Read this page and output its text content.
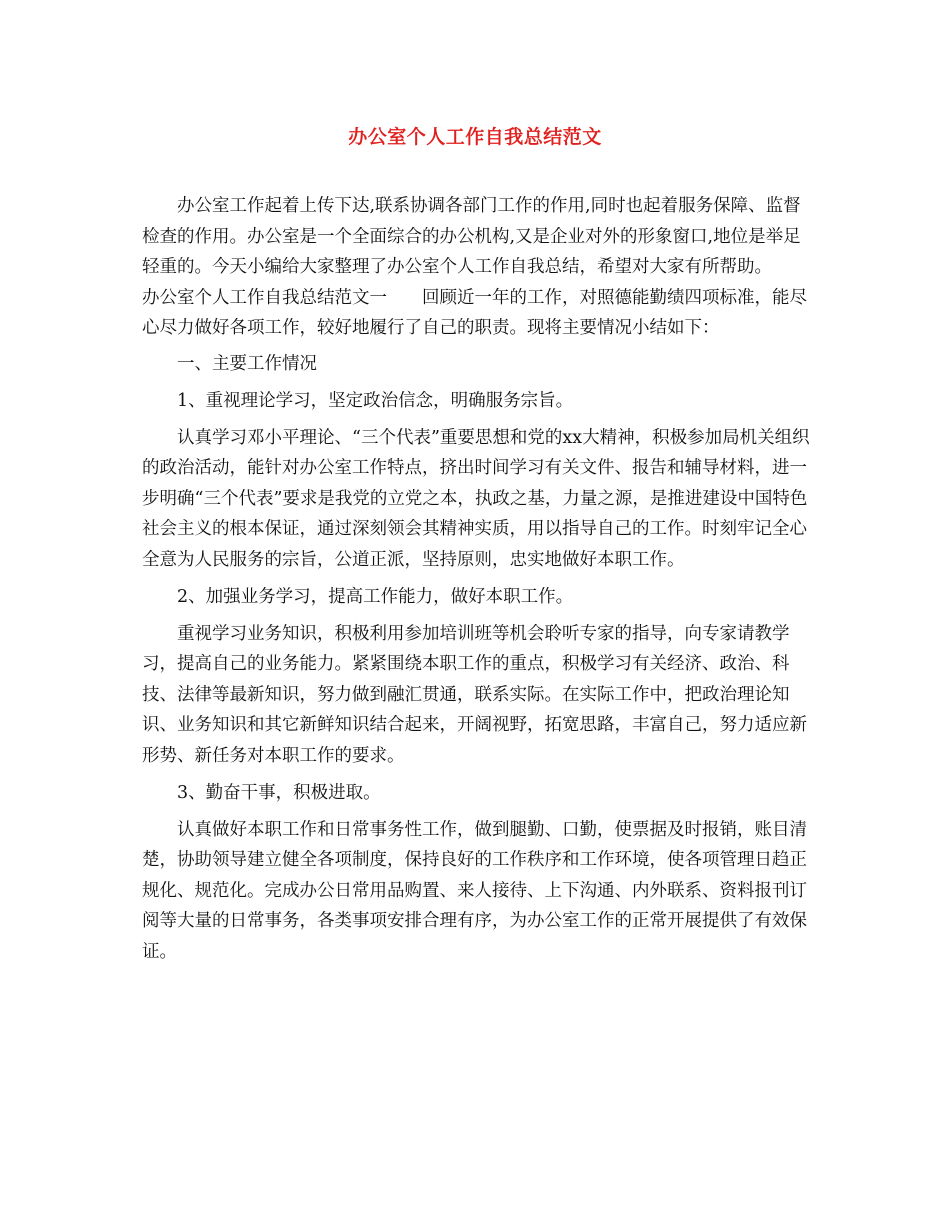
办公室个人工作自我总结范文

办公室工作起着上传下达,联系协调各部门工作的作用,同时也起着服务保障、监督检查的作用。办公室是一个全面综合的办公机构,又是企业对外的形象窗口,地位是举足轻重的。今天小编给大家整理了办公室个人工作自我总结，希望对大家有所帮助。

办公室个人工作自我总结范文一　　回顾近一年的工作，对照德能勤绩四项标准，能尽心尽力做好各项工作，较好地履行了自己的职责。现将主要情况小结如下：

一、主要工作情况

1、重视理论学习，坚定政治信念，明确服务宗旨。

认真学习邓小平理论、“三个代表”重要思想和党的xx大精神，积极参加局机关组织的政治活动，能针对办公室工作特点，挤出时间学习有关文件、报告和辅导材料，进一步明确“三个代表”要求是我党的立党之本，执政之基，力量之源，是推进建设中国特色社会主义的根本保证，通过深刻领会其精神实质，用以指导自己的工作。时刻牢记全心全意为人民服务的宗旨，公道正派，坚持原则，忠实地做好本职工作。

2、加强业务学习，提高工作能力，做好本职工作。

重视学习业务知识，积极利用参加培训班等机会聆听专家的指导，向专家请教学习，提高自己的业务能力。紧紧围绕本职工作的重点，积极学习有关经济、政治、科技、法律等最新知识，努力做到融汇贯通，联系实际。在实际工作中，把政治理论知识、业务知识和其它新鲜知识结合起来，开阔视野，拓宽思路，丰富自己，努力适应新形势、新任务对本职工作的要求。

3、勤奋干事，积极进取。

认真做好本职工作和日常事务性工作，做到腿勤、口勤，使票据及时报销，账目清楚，协助领导建立健全各项制度，保持良好的工作秩序和工作环境，使各项管理日趋正规化、规范化。完成办公日常用品购置、来人接待、上下沟通、内外联系、资料报刊订阅等大量的日常事务，各类事项安排合理有序，为办公室工作的正常开展提供了有效保证。
